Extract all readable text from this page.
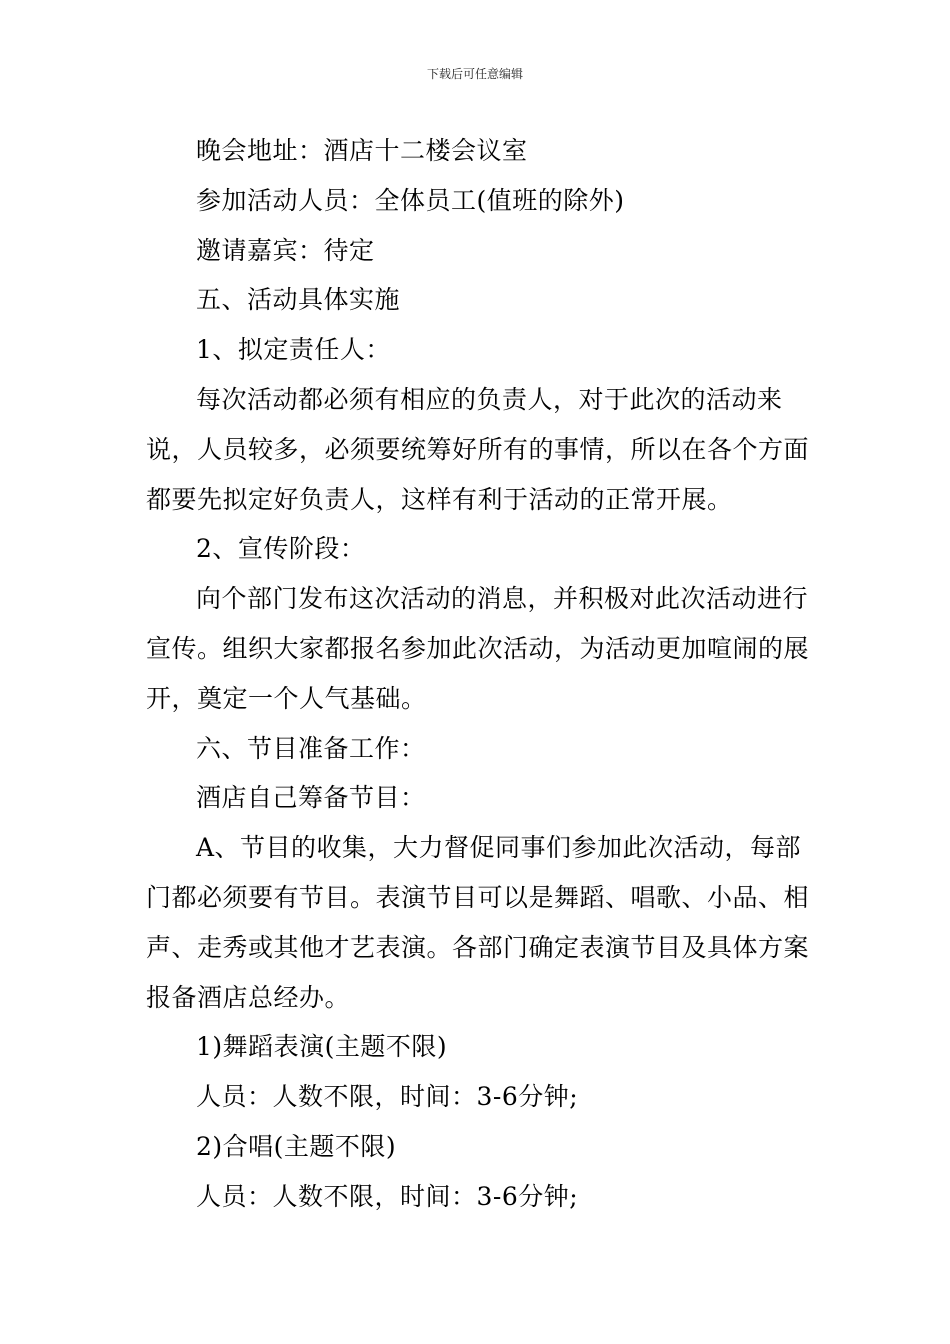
下载后可任意编辑

晚会地址：酒店十二楼会议室

参加活动人员：全体员工(值班的除外)

邀请嘉宾：待定

五、活动具体实施

1、拟定责任人：

每次活动都必须有相应的负责人，对于此次的活动来说，人员较多，必须要统筹好所有的事情，所以在各个方面都要先拟定好负责人，这样有利于活动的正常开展。

2、宣传阶段：

向个部门发布这次活动的消息，并积极对此次活动进行宣传。组织大家都报名参加此次活动，为活动更加喧闹的展开，奠定一个人气基础。

六、节目准备工作：

酒店自己筹备节目：

A、节目的收集，大力督促同事们参加此次活动，每部门都必须要有节目。表演节目可以是舞蹈、唱歌、小品、相声、走秀或其他才艺表演。各部门确定表演节目及具体方案报备酒店总经办。

1)舞蹈表演(主题不限)

人员：人数不限，时间：3-6分钟;

2)合唱(主题不限)

人员：人数不限，时间：3-6分钟;
